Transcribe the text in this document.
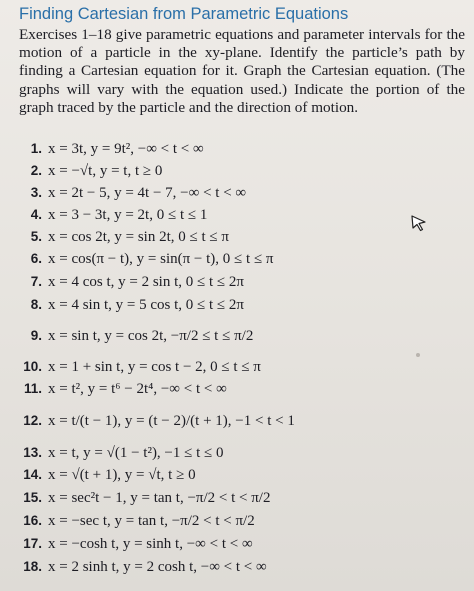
Finding Cartesian from Parametric Equations
Exercises 1–18 give parametric equations and parameter intervals for the motion of a particle in the xy-plane. Identify the particle’s path by finding a Cartesian equation for it. Graph the Cartesian equation. (The graphs will vary with the equation used.) Indicate the portion of the graph traced by the particle and the direction of motion.
1. x = 3t, y = 9t², −∞ < t < ∞
2. x = −√t, y = t, t ≥ 0
3. x = 2t − 5, y = 4t − 7, −∞ < t < ∞
4. x = 3 − 3t, y = 2t, 0 ≤ t ≤ 1
5. x = cos 2t, y = sin 2t, 0 ≤ t ≤ π
6. x = cos(π − t), y = sin(π − t), 0 ≤ t ≤ π
7. x = 4 cos t, y = 2 sin t, 0 ≤ t ≤ 2π
8. x = 4 sin t, y = 5 cos t, 0 ≤ t ≤ 2π
9. x = sin t, y = cos 2t, −π/2 ≤ t ≤ π/2
10. x = 1 + sin t, y = cos t − 2, 0 ≤ t ≤ π
11. x = t², y = t⁶ − 2t⁴, −∞ < t < ∞
12. x = t/(t − 1), y = (t − 2)/(t + 1), −1 < t < 1
13. x = t, y = √(1 − t²), −1 ≤ t ≤ 0
14. x = √(t + 1), y = √t, t ≥ 0
15. x = sec²t − 1, y = tan t, −π/2 < t < π/2
16. x = −sec t, y = tan t, −π/2 < t < π/2
17. x = −cosh t, y = sinh t, −∞ < t < ∞
18. x = 2 sinh t, y = 2 cosh t, −∞ < t < ∞
